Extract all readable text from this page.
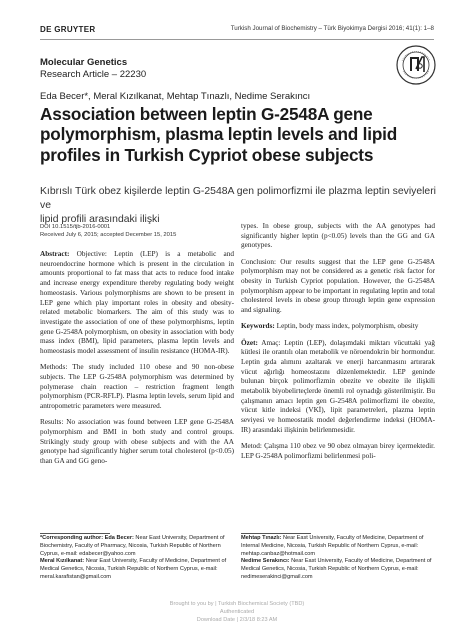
DE GRUYTER	Turkish Journal of Biochemistry – Türk Biyokimya Dergisi 2016; 41(1): 1–8
Molecular Genetics
Research Article – 22230
Eda Becer*, Meral Kızılkanat, Mehtap Tınazlı, Nedime Serakıncı
Association between leptin G-2548A gene
polymorphism, plasma leptin levels and lipid
profiles in Turkish Cypriot obese subjects
Kıbrıslı Türk obez kişilerde leptin G-2548A gen polimorfizmi ile plazma leptin seviyeleri ve
lipid profili arasındaki ilişki
DOI 10.1515/tjb-2016-0001
Received July 6, 2015; accepted December 15, 2015

Abstract: Objective: Leptin (LEP) is a metabolic and neuroendocrine hormone which is present in the circulation in amounts proportional to fat mass that acts to reduce food intake and increase energy expenditure thereby regulating body weight homeostasis. Various polymorphisms are shown to be present in LEP gene which play important roles in obesity and obesity-related metabolic biomarkers. The aim of this study was to investigate the association of one of these polymorphisms, leptin gene G-2548A polymorphism, on obesity in association with body mass index (BMI), lipid parameters, plasma leptin levels and homeostasis model assessment of insulin resistance (HOMA-IR).

Methods: The study included 110 obese and 90 non-obese subjects. The LEP G-2548A polymorphism was determined by polymerase chain reaction – restriction fragment length polymorphism (PCR-RFLP). Plasma leptin levels, serum lipid and antropometric parameters were measured.

Results: No association was found between LEP gene G-2548A polymorphism and BMI in both study and control groups. Strikingly study group with obese subjects and with the AA genotype had significantly higher serum total cholesterol (p<0.05) than GA and GG geno-

types. In obese group, subjects with the AA genotypes had significantly higher leptin (p<0.05) levels than the GG and GA genotypes.

Conclusion: Our results suggest that the LEP gene G-2548A polymorphism may not be considered as a genetic risk factor for obesity in Turkish Cypriot population. However, the G-2548A polymorphism appear to be important in regulating leptin and total cholesterol levels in obese group through leptin gene expression and signaling.

Keywords: Leptin, body mass index, polymorphism, obesity

Özet: Amaç: Leptin (LEP), dolaşımdaki miktarı vücuttaki yağ kütlesi ile orantılı olan metabolik ve nöroendokrin bir hormondur. Leptin gıda alımını azaltarak ve enerji harcanmasını artırarak vücut ağırlığı homeostazını düzenlemektedir. LEP geninde bulunan birçok polimorfizmin obezite ve obezite ile ilişkili metabolik biyobelirteçlerde önemli rol oynadığı gösterilmiştir. Bu çalışmanın amacı leptin gen G-2548A polimorfizmi ile obezite, vücut kitle indeksi (VKİ), lipit parametreleri, plazma leptin seviyesi ve homeostatik model değerlendirme indeksi (HOMA-IR) arasındaki ilişkinin belirlenmesidir.

Metod: Çalışma 110 obez ve 90 obez olmayan birey içermektedir. LEP G-2548A polimorfizmi belirlenmesi poli-

*Corresponding author: Eda Becer: Near East University, Department of Biochemistry, Faculty of Pharmacy, Nicosia, Turkish Republic of Northern Cyprus, e-mail: edabecer@yahoo.com

Meral Kızılkanat: Near East University, Faculty of Medicine, Department of Medical Genetics, Nicosia, Turkish Republic of Northern Cyprus, e-mail: meral.karafistan@gmail.com

Mehtap Tınazlı: Near East University, Faculty of Medicine, Department of Internal Medicine, Nicosia, Turkish Republic of Northern Cyprus, e-mail: mehtap.canbaz@hotmail.com

Nedime Serakıncı: Near East University, Faculty of Medicine, Department of Medical Genetics, Nicosia, Turkish Republic of Northern Cyprus, e-mail: nedimeserakinci@gmail.com

Brought to you by | Turkish Biochemical Society (TBD)
Authenticated
Download Date | 2/3/18 8:23 AM
